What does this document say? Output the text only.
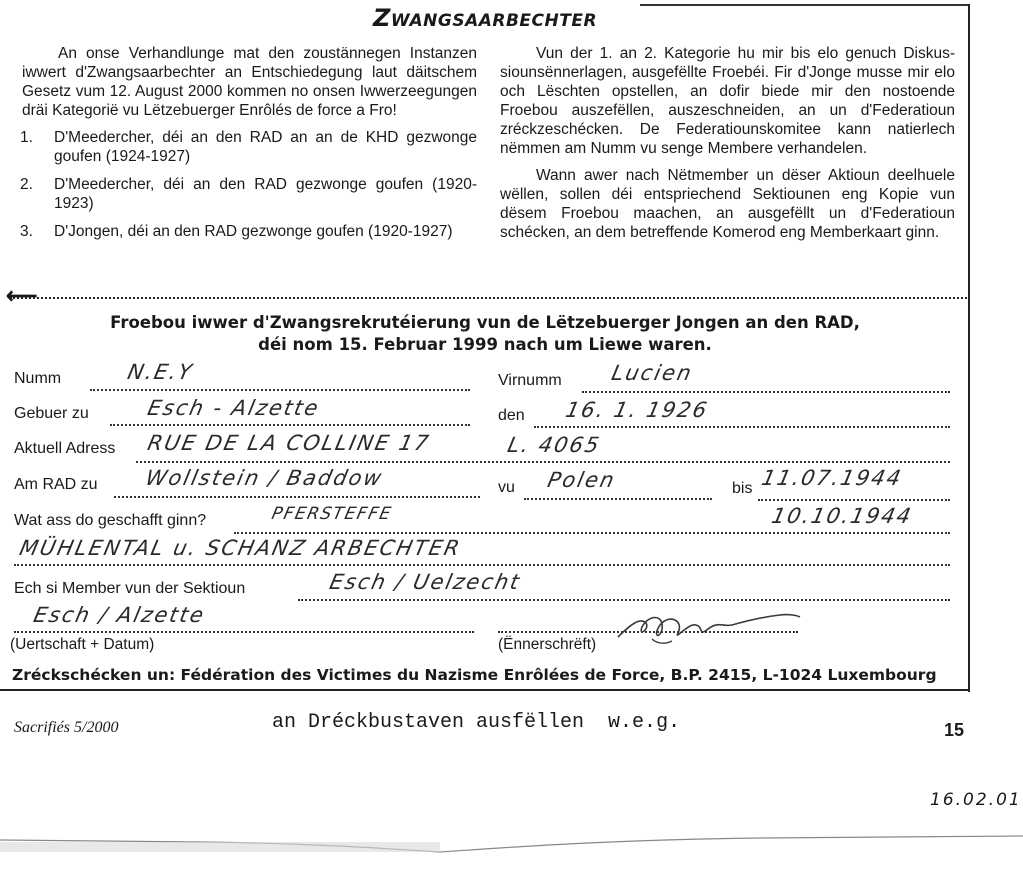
Zwangsaarbechter

An onse Verhandlunge mat den zoustännegen Instanzen iwwert d'Zwangsaarbechter an Entschiedegung laut däitschem Gesetz vum 12. August 2000 kommen no onsen Iwwerzeegungen dräi Kategorië vu Lëtzebuerger Enrôlés de force a Fro!

1. D'Meedercher, déi an den RAD an an de KHD gezwonge goufen (1924-1927)
2. D'Meedercher, déi an den RAD gezwonge goufen (1920-1923)
3. D'Jongen, déi an den RAD gezwonge goufen (1920-1927)

Vun der 1. an 2. Kategorie hu mir bis elo genuch Diskussiounsënnerlagen, ausgefëllte Froebéi. Fir d'Jonge musse mir elo och Lëschten opstellen, an dofir biede mir den nostoende Froebou auszefëllen, auszeschneiden, an un d'Federatioun zréckzeschécken. De Federatiounskomitee kann natierlech nëmmen am Numm vu senge Membere verhandelen.

Wann awer nach Nëtmember un dëser Aktioun deelhuele wëllen, sollen déi entspriechend Sektiounen eng Kopie vun dësem Froebou maachen, an ausgefëllt un d'Federatioun schécken, an dem betreffende Komerod eng Memberkaart ginn.

⟵
Froebou iwwer d'Zwangsrekrutéierung vun de Lëtzebuerger Jongen an den RAD,
déi nom 15. Februar 1999 nach um Liewe waren.
Numm	N.E.Y	Virnumm Lucien
Gebuer zu	Esch - Alzette	den 16. 1. 1926
Aktuell Adress RUE DE LA COLLINE 17	L. 4065
Am RAD zu Wollstein / Baddow	vu Polen	bis 11.07.1944
Wat ass do geschafft ginn?	PFERSTEFFE	10.10.1944
MÜHLENTAL u. SCHANZ ARBECHTER
Ech si Member vun der Sektioun	Esch / Uelzecht
Esch / Alzette
(Uertschaft + Datum)	(Ënnerschrëft)
Zréckschécken un: Fédération des Victimes du Nazisme Enrôlées de Force, B.P. 2415, L-1024 Luxembourg
Sacrifiés 5/2000	an Dréckbustaven ausfëllen  w.e.g.	15
16.02.01
